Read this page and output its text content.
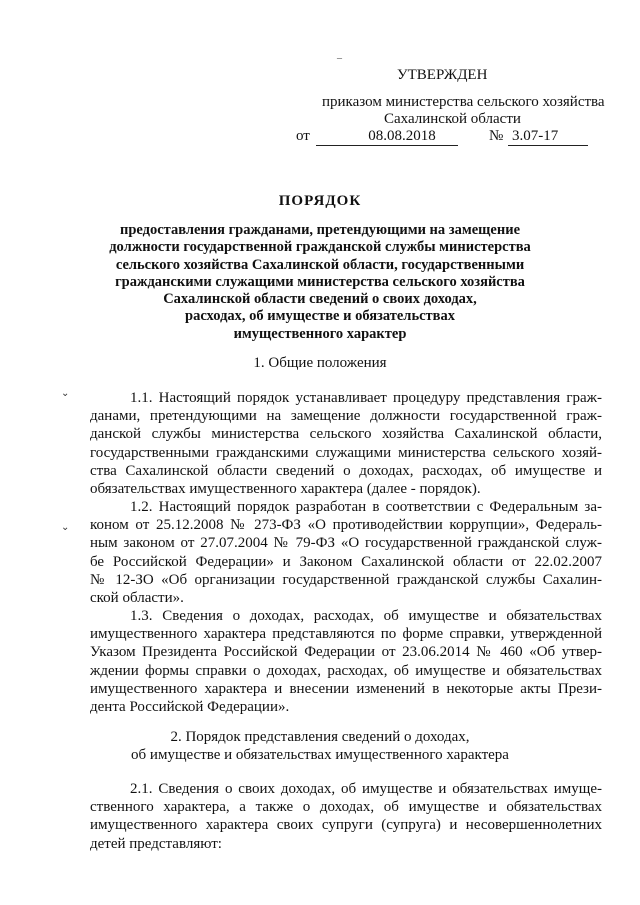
¯
⌄
⌄
УТВЕРЖДЕН
приказом министерства сельского хозяйства
Сахалинской области
от	08.08.2018	№ 3.07-17
ПОРЯДОК
предоставления гражданами, претендующими на замещение
должности государственной гражданской службы министерства
сельского хозяйства Сахалинской области, государственными
гражданскими служащими министерства сельского хозяйства
Сахалинской области сведений о своих доходах,
расходах, об имуществе и обязательствах
имущественного характер
1. Общие положения
1.1. Настоящий порядок устанавливает процедуру представления граж-
данами, претендующими на замещение должности государственной граж-
данской службы министерства сельского хозяйства Сахалинской области,
государственными гражданскими служащими министерства сельского хозяй-
ства Сахалинской области сведений о доходах, расходах, об имуществе и
обязательствах имущественного характера (далее - порядок).
1.2. Настоящий порядок разработан в соответствии с Федеральным за-
коном от 25.12.2008 № 273-ФЗ «О противодействии коррупции», Федераль-
ным законом от 27.07.2004 № 79-ФЗ «О государственной гражданской служ-
бе Российской Федерации» и Законом Сахалинской области от 22.02.2007
№ 12-ЗО «Об организации государственной гражданской службы Сахалин-
ской области».
1.3. Сведения о доходах, расходах, об имуществе и обязательствах
имущественного характера представляются по форме справки, утвержденной
Указом Президента Российской Федерации от 23.06.2014 № 460 «Об утвер-
ждении формы справки о доходах, расходах, об имуществе и обязательствах
имущественного характера и внесении изменений в некоторые акты Прези-
дента Российской Федерации».
2. Порядок представления сведений о доходах,
об имуществе и обязательствах имущественного характера
2.1. Сведения о своих доходах, об имуществе и обязательствах имуще-
ственного характера, а также о доходах, об имуществе и обязательствах
имущественного характера своих супруги (супруга) и несовершеннолетних
детей представляют:
